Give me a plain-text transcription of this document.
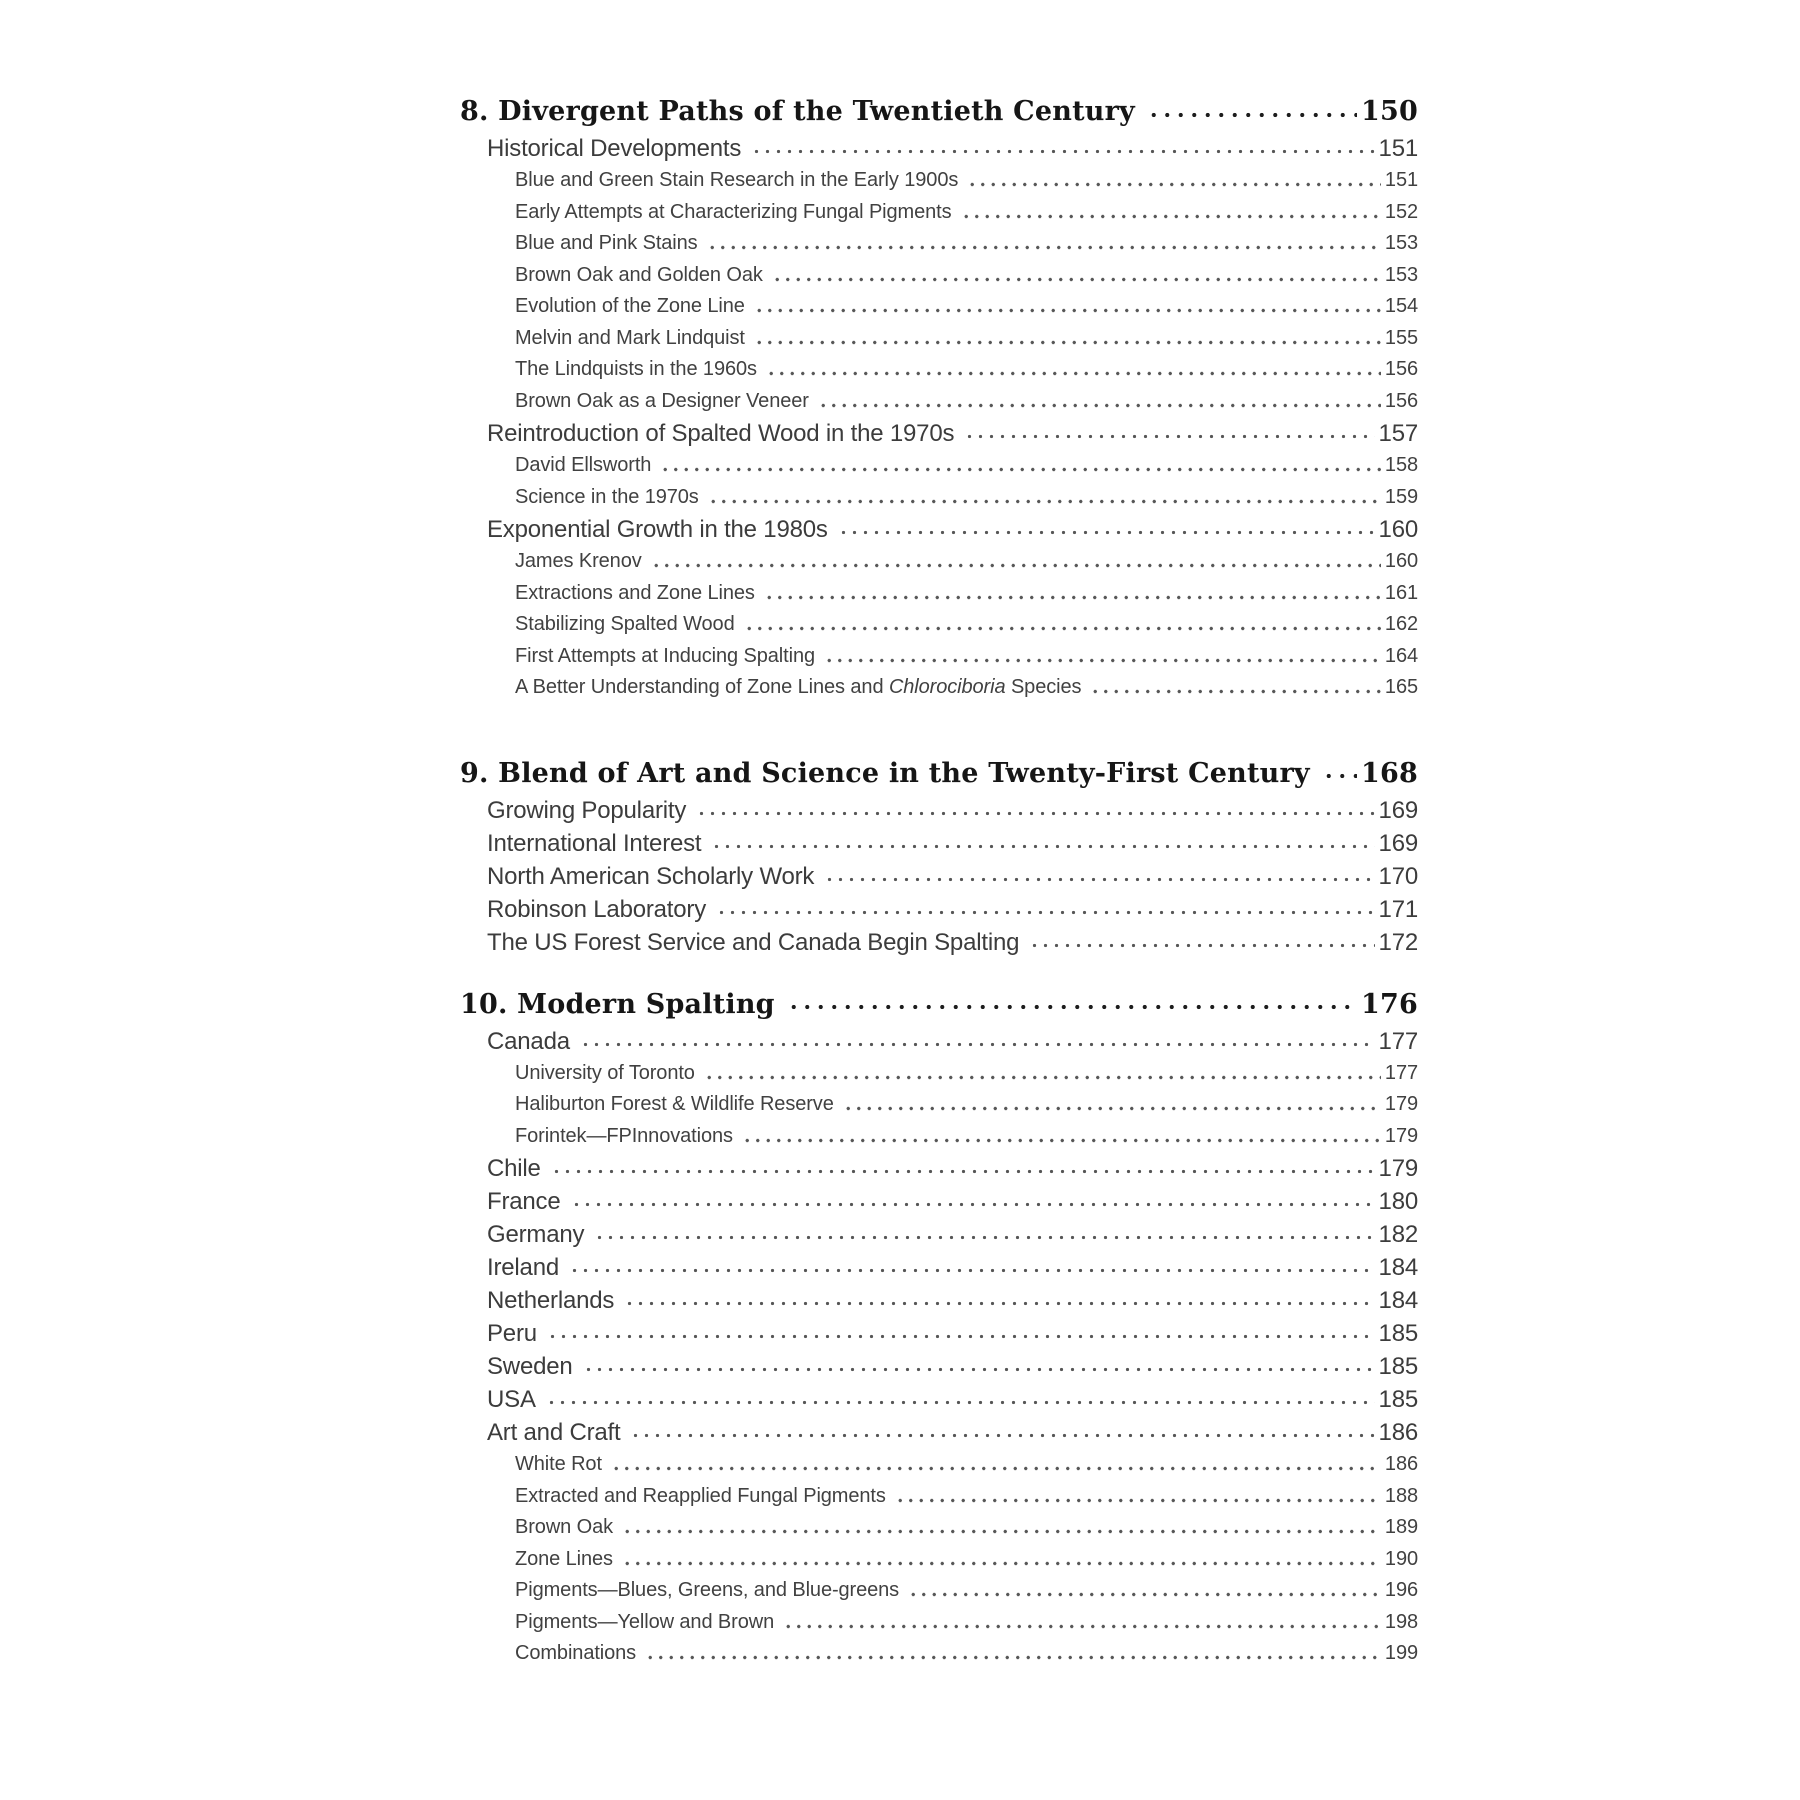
8. Divergent Paths of the Twentieth Century	150
Historical Developments	151
Blue and Green Stain Research in the Early 1900s	151
Early Attempts at Characterizing Fungal Pigments	152
Blue and Pink Stains	153
Brown Oak and Golden Oak	153
Evolution of the Zone Line	154
Melvin and Mark Lindquist	155
The Lindquists in the 1960s	156
Brown Oak as a Designer Veneer	156
Reintroduction of Spalted Wood in the 1970s	157
David Ellsworth	158
Science in the 1970s	159
Exponential Growth in the 1980s	160
James Krenov	160
Extractions and Zone Lines	161
Stabilizing Spalted Wood	162
First Attempts at Inducing Spalting	164
A Better Understanding of Zone Lines and Chlorociboria Species	165
9. Blend of Art and Science in the Twenty-First Century 168
Growing Popularity	169
International Interest	169
North American Scholarly Work	170
Robinson Laboratory	171
The US Forest Service and Canada Begin Spalting	172
10. Modern Spalting	176
Canada	177
University of Toronto	177
Haliburton Forest & Wildlife Reserve	179
Forintek—FPInnovations	179
Chile	179
France	180
Germany	182
Ireland	184
Netherlands	184
Peru	185
Sweden	185
USA	185
Art and Craft	186
White Rot	186
Extracted and Reapplied Fungal Pigments	188
Brown Oak	189
Zone Lines	190
Pigments—Blues, Greens, and Blue-greens	196
Pigments—Yellow and Brown	198
Combinations	199
